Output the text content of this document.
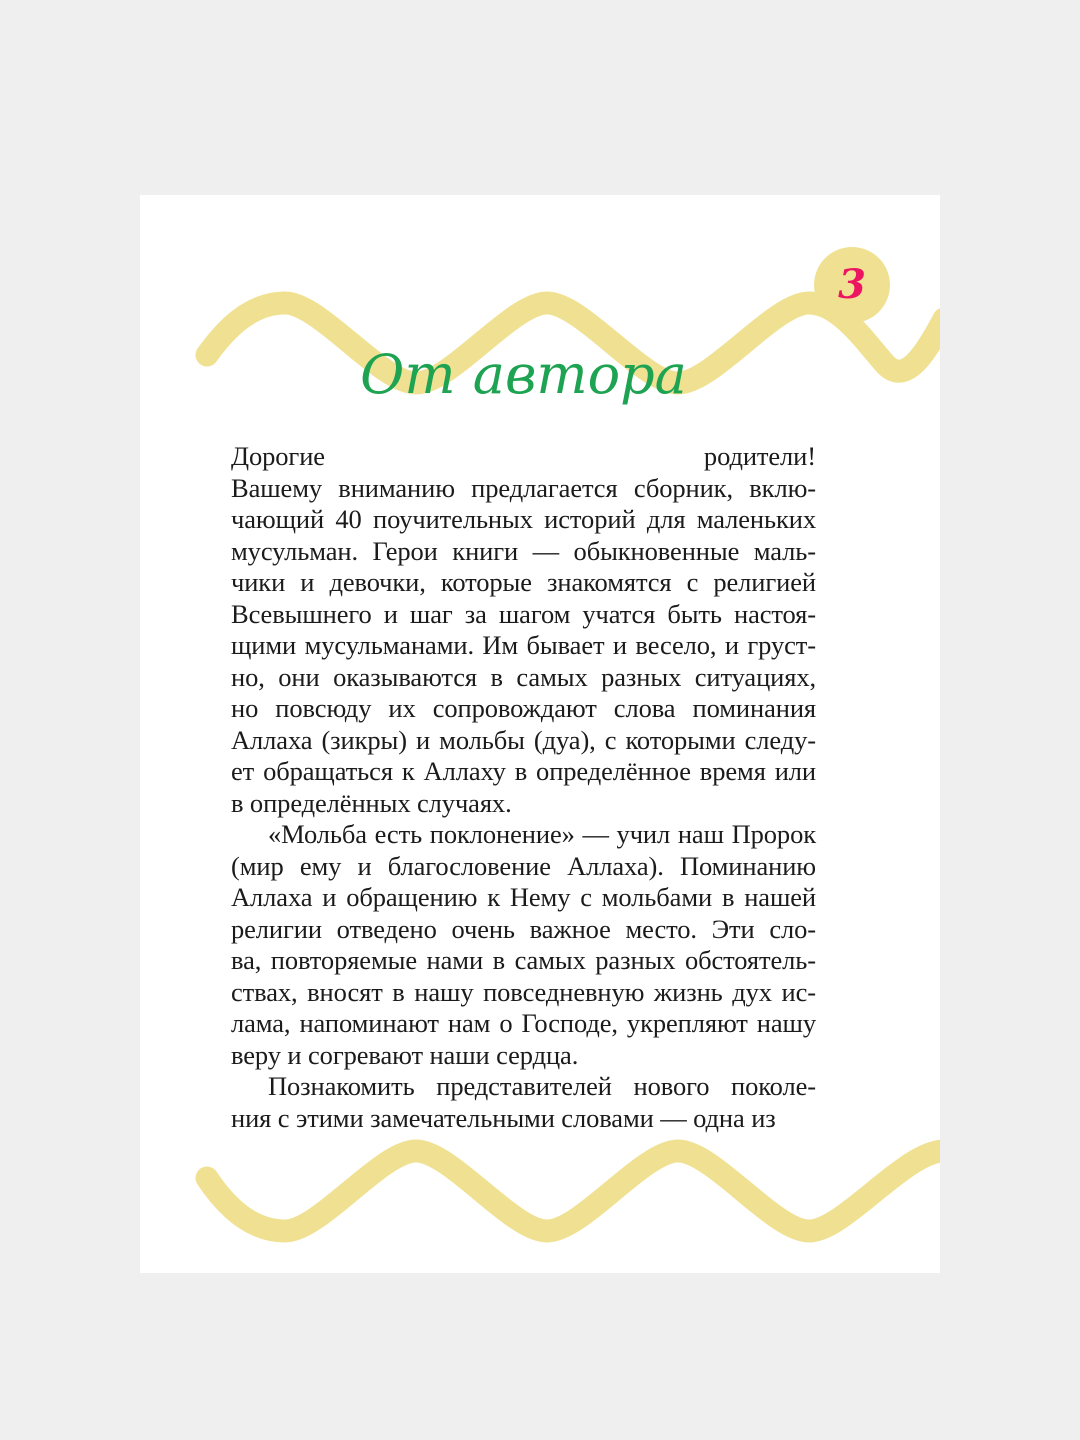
3
От автора
Дорогие родители!
Вашему вниманию предлагается сборник, вклю-
чающий 40 поучительных историй для маленьких
мусульман. Герои книги — обыкновенные маль-
чики и девочки, которые знакомятся с религией
Всевышнего и шаг за шагом учатся быть настоя-
щими мусульманами. Им бывает и весело, и груст-
но, они оказываются в самых разных ситуациях,
но повсюду их сопровождают слова поминания
Аллаха (зикры) и мольбы (дуа), с которыми следу-
ет обращаться к Аллаху в определённое время или
в определённых случаях.
«Мольба есть поклонение» — учил наш Пророк
(мир ему и благословение Аллаха). Поминанию
Аллаха и обращению к Нему с мольбами в нашей
религии отведено очень важное место. Эти сло-
ва, повторяемые нами в самых разных обстоятель-
ствах, вносят в нашу повседневную жизнь дух ис-
лама, напоминают нам о Господе, укрепляют нашу
веру и согревают наши сердца.
Познакомить представителей нового поколе-
ния с этими замечательными словами — одна из
